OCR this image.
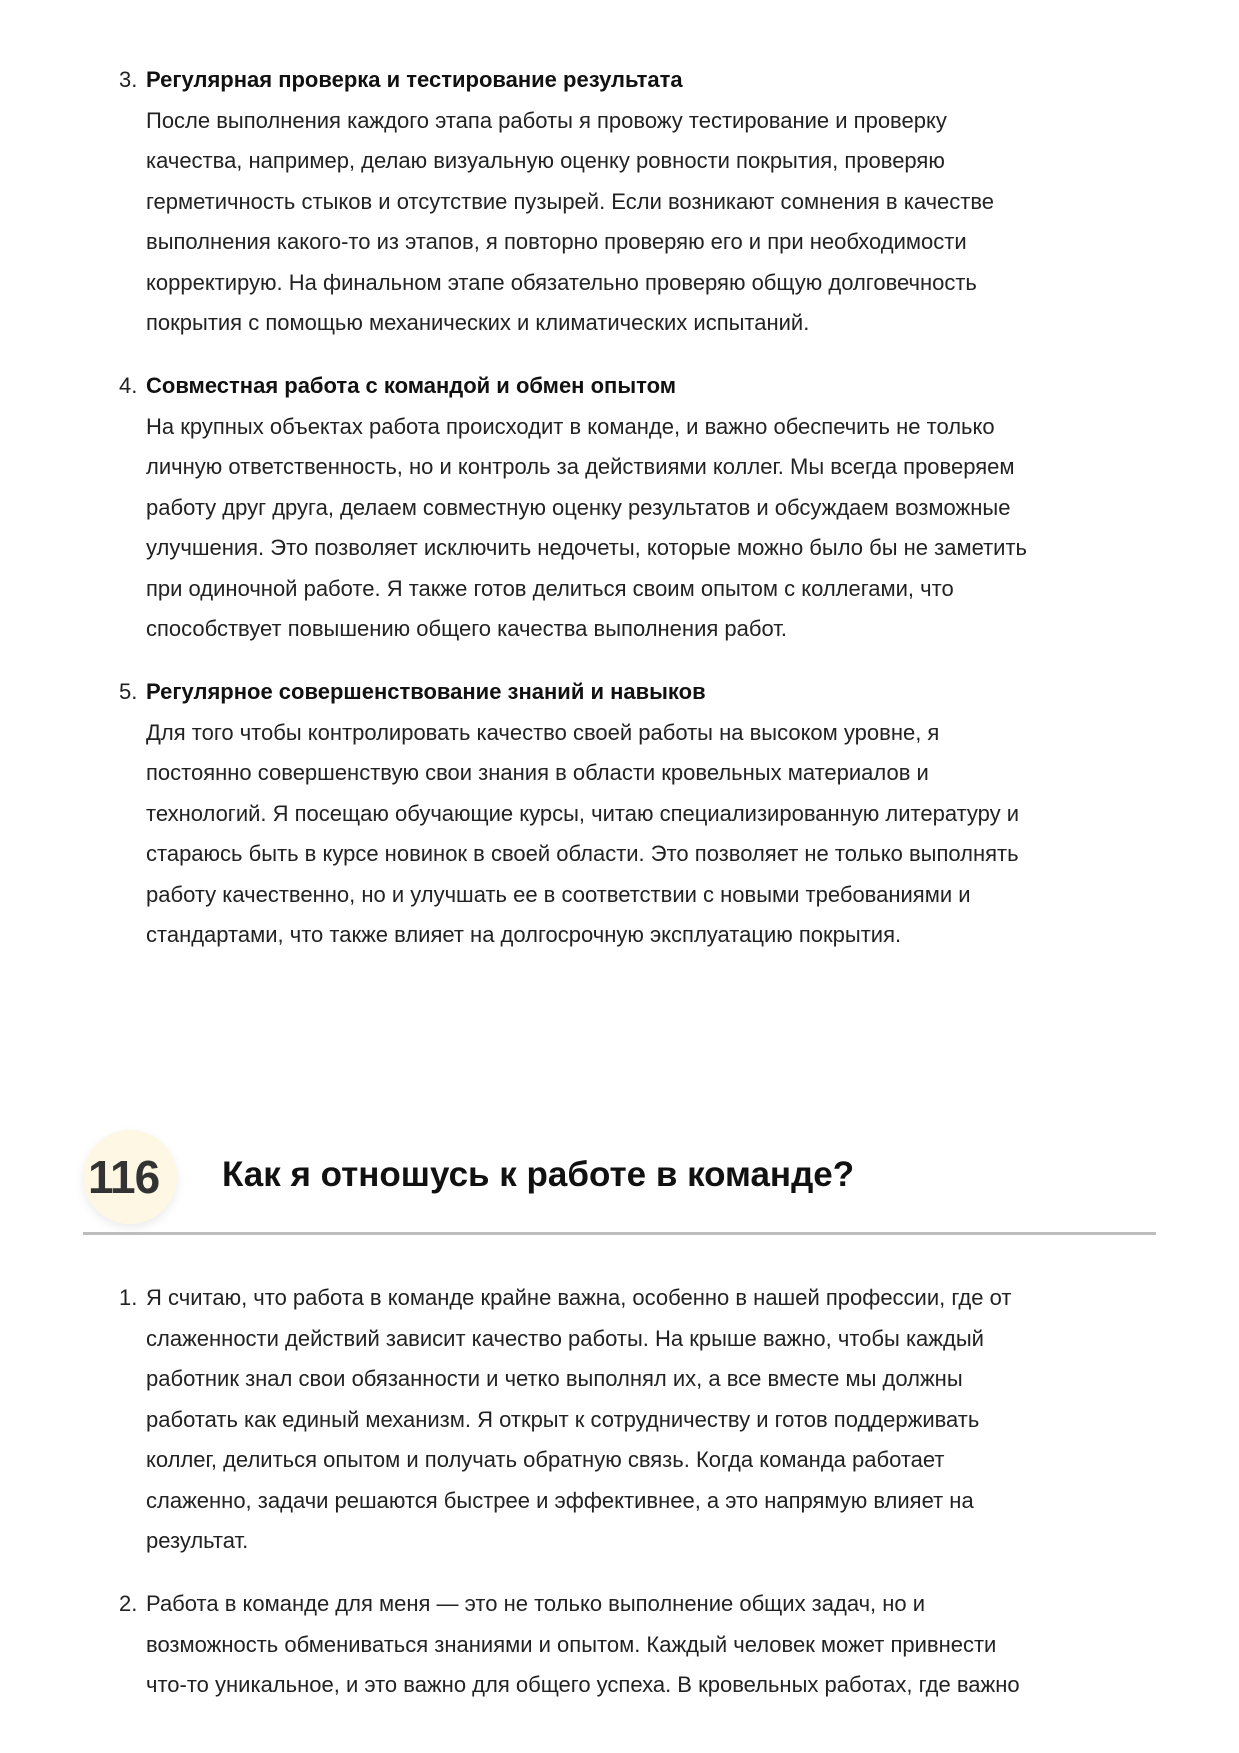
3. Регулярная проверка и тестирование результата
После выполнения каждого этапа работы я провожу тестирование и проверку
качества, например, делаю визуальную оценку ровности покрытия, проверяю
герметичность стыков и отсутствие пузырей. Если возникают сомнения в качестве
выполнения какого-то из этапов, я повторно проверяю его и при необходимости
корректирую. На финальном этапе обязательно проверяю общую долговечность
покрытия с помощью механических и климатических испытаний.
4. Совместная работа с командой и обмен опытом
На крупных объектах работа происходит в команде, и важно обеспечить не только
личную ответственность, но и контроль за действиями коллег. Мы всегда проверяем
работу друг друга, делаем совместную оценку результатов и обсуждаем возможные
улучшения. Это позволяет исключить недочеты, которые можно было бы не заметить
при одиночной работе. Я также готов делиться своим опытом с коллегами, что
способствует повышению общего качества выполнения работ.
5. Регулярное совершенствование знаний и навыков
Для того чтобы контролировать качество своей работы на высоком уровне, я
постоянно совершенствую свои знания в области кровельных материалов и
технологий. Я посещаю обучающие курсы, читаю специализированную литературу и
стараюсь быть в курсе новинок в своей области. Это позволяет не только выполнять
работу качественно, но и улучшать ее в соответствии с новыми требованиями и
стандартами, что также влияет на долгосрочную эксплуатацию покрытия.
116 Как я отношусь к работе в команде?
1. Я считаю, что работа в команде крайне важна, особенно в нашей профессии, где от
слаженности действий зависит качество работы. На крыше важно, чтобы каждый
работник знал свои обязанности и четко выполнял их, а все вместе мы должны
работать как единый механизм. Я открыт к сотрудничеству и готов поддерживать
коллег, делиться опытом и получать обратную связь. Когда команда работает
слаженно, задачи решаются быстрее и эффективнее, а это напрямую влияет на
результат.
2. Работа в команде для меня — это не только выполнение общих задач, но и
возможность обмениваться знаниями и опытом. Каждый человек может привнести
что-то уникальное, и это важно для общего успеха. В кровельных работах, где важно
